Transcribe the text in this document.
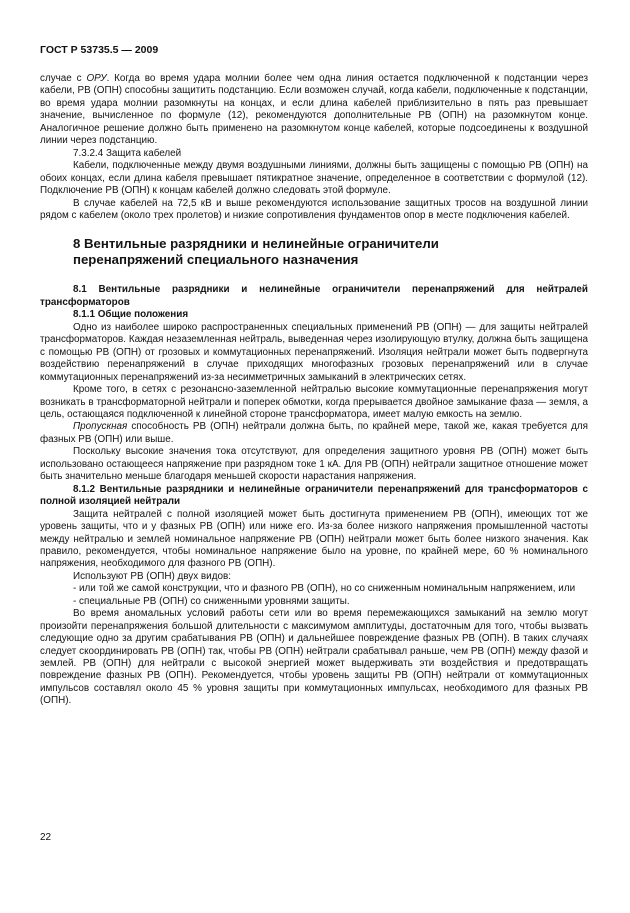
ГОСТ Р 53735.5 — 2009

случае с ОРУ. Когда во время удара молнии более чем одна линия остается подключенной к подстанции через кабели, РВ (ОПН) способны защитить подстанцию. Если возможен случай, когда кабели, подключенные к подстанции, во время удара молнии разомкнуты на концах, и если длина кабелей приблизительно в пять раз превышает значение, вычисленное по формуле (12), рекомендуются дополнительные РВ (ОПН) на разомкнутом конце. Аналогичное решение должно быть применено на разомкнутом конце кабелей, которые подсоединены к воздушной линии через подстанцию.

7.3.2.4 Защита кабелей

Кабели, подключенные между двумя воздушными линиями, должны быть защищены с помощью РВ (ОПН) на обоих концах, если длина кабеля превышает пятикратное значение, определенное в соответствии с формулой (12). Подключение РВ (ОПН) к концам кабелей должно следовать этой формуле.

В случае кабелей на 72,5 кВ и выше рекомендуются использование защитных тросов на воздушной линии рядом с кабелем (около трех пролетов) и низкие сопротивления фундаментов опор в месте подключения кабелей.

8 Вентильные разрядники и нелинейные ограничители
перенапряжений специального назначения

8.1 Вентильные разрядники и нелинейные ограничители перенапряжений для нейтралей трансформаторов

8.1.1 Общие положения

Одно из наиболее широко распространенных специальных применений РВ (ОПН) — для защиты нейтралей трансформаторов. Каждая незаземленная нейтраль, выведенная через изолирующую втулку, должна быть защищена с помощью РВ (ОПН) от грозовых и коммутационных перенапряжений. Изоляция нейтрали может быть подвергнута воздействию перенапряжений в случае приходящих многофазных грозовых перенапряжений или в случае коммутационных перенапряжений из-за несимметричных замыканий в электрических сетях.

Кроме того, в сетях с резонансно-заземленной нейтралью высокие коммутационные перенапряжения могут возникать в трансформаторной нейтрали и поперек обмотки, когда прерывается двойное замыкание фаза — земля, а цель, остающаяся подключенной к линейной стороне трансформатора, имеет малую емкость на землю.

Пропускная способность РВ (ОПН) нейтрали должна быть, по крайней мере, такой же, какая требуется для фазных РВ (ОПН) или выше.

Поскольку высокие значения тока отсутствуют, для определения защитного уровня РВ (ОПН) может быть использовано остающееся напряжение при разрядном токе 1 кА. Для РВ (ОПН) нейтрали защитное отношение может быть значительно меньше благодаря меньшей скорости нарастания напряжения.

8.1.2 Вентильные разрядники и нелинейные ограничители перенапряжений для трансформаторов с полной изоляцией нейтрали

Защита нейтралей с полной изоляцией может быть достигнута применением РВ (ОПН), имеющих тот же уровень защиты, что и у фазных РВ (ОПН) или ниже его. Из-за более низкого напряжения промышленной частоты между нейтралью и землей номинальное напряжение РВ (ОПН) нейтрали может быть более низкого значения. Как правило, рекомендуется, чтобы номинальное напряжение было на уровне, по крайней мере, 60 % номинального напряжения, необходимого для фазного РВ (ОПН).

Используют РВ (ОПН) двух видов:

- или той же самой конструкции, что и фазного РВ (ОПН), но со сниженным номинальным напряжением, или

- специальные РВ (ОПН) со сниженными уровнями защиты.

Во время аномальных условий работы сети или во время перемежающихся замыканий на землю могут произойти перенапряжения большой длительности с максимумом амплитуды, достаточным для того, чтобы вызвать следующие одно за другим срабатывания РВ (ОПН) и дальнейшее повреждение фазных РВ (ОПН). В таких случаях следует скоординировать РВ (ОПН) так, чтобы РВ (ОПН) нейтрали срабатывал раньше, чем РВ (ОПН) между фазой и землей. РВ (ОПН) для нейтрали с высокой энергией может выдерживать эти воздействия и предотвращать повреждение фазных РВ (ОПН). Рекомендуется, чтобы уровень защиты РВ (ОПН) нейтрали от коммутационных импульсов составлял около 45 % уровня защиты при коммутационных импульсах, необходимого для фазных РВ (ОПН).

22
